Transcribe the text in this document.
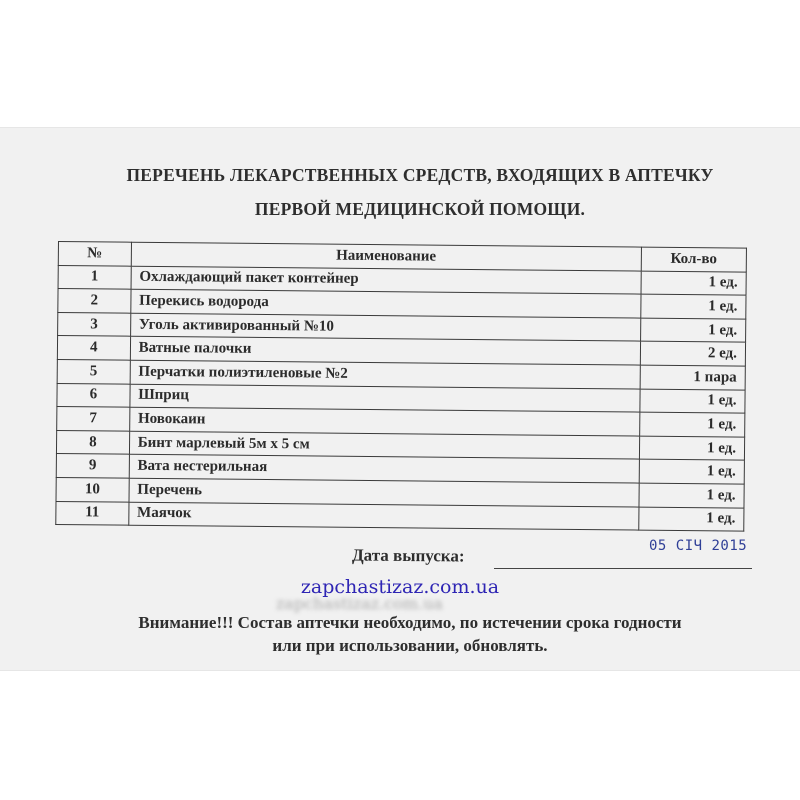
ПЕРЕЧЕНЬ ЛЕКАРСТВЕННЫХ СРЕДСТВ, ВХОДЯЩИХ В АПТЕЧКУ

ПЕРВОЙ МЕДИЦИНСКОЙ ПОМОЩИ.

№	Наименование	Кол-во
1	Охлаждающий пакет контейнер	1 ед.
2	Перекись водорода	1 ед.
3	Уголь активированный №10	1 ед.
4	Ватные палочки	2 ед.
5	Перчатки полиэтиленовые №2	1 пара
6	Шприц	1 ед.
7	Новокаин	1 ед.
8	Бинт марлевый 5м х 5 см	1 ед.
9	Вата нестерильная	1 ед.
10	Перечень	1 ед.
11	Маячок	1 ед.
Дата выпуска:	05 СІЧ 2015
zapchastizaz.com.ua
zapchastizaz.com.ua

Внимание!!! Состав аптечки необходимо, по истечении срока годности

или при использовании, обновлять.
